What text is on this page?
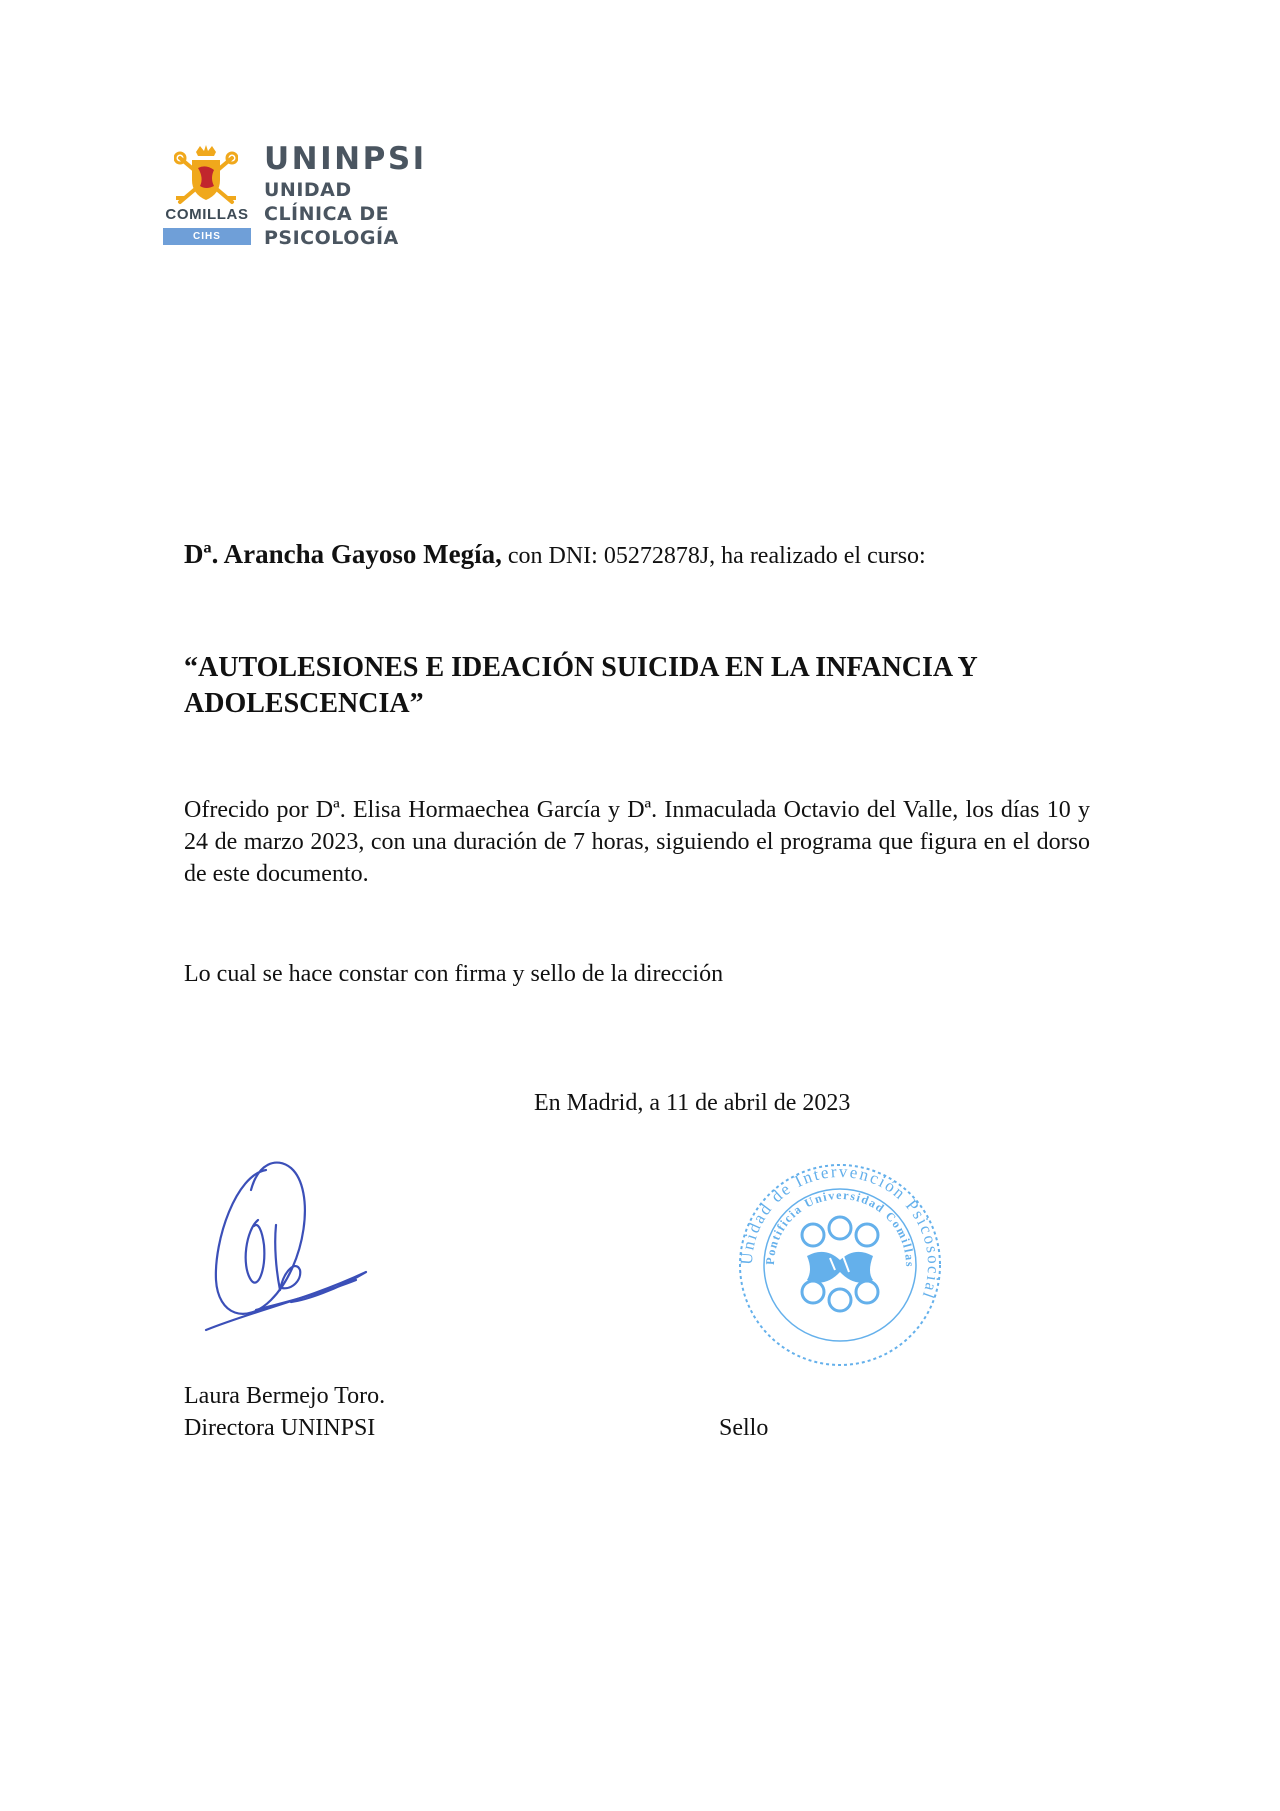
COMILLAS
CIHS
UNINPSI
UNIDAD
CLÍNICA DE
PSICOLOGÍA
Dª. Arancha Gayoso Megía, con DNI: 05272878J, ha realizado el curso:
“AUTOLESIONES E IDEACIÓN SUICIDA EN LA INFANCIA Y ADOLESCENCIA”
Ofrecido por Dª. Elisa Hormaechea García y Dª. Inmaculada Octavio del Valle, los días 10 y 24 de marzo 2023, con una duración de 7 horas, siguiendo el programa que figura en el dorso de este documento.
Lo cual se hace constar con firma y sello de la dirección
En Madrid, a 11 de abril de 2023
Unidad de Intervención Psicosocial
Pontificia Universidad Comillas
Laura Bermejo Toro.
Directora UNINPSI	Sello
